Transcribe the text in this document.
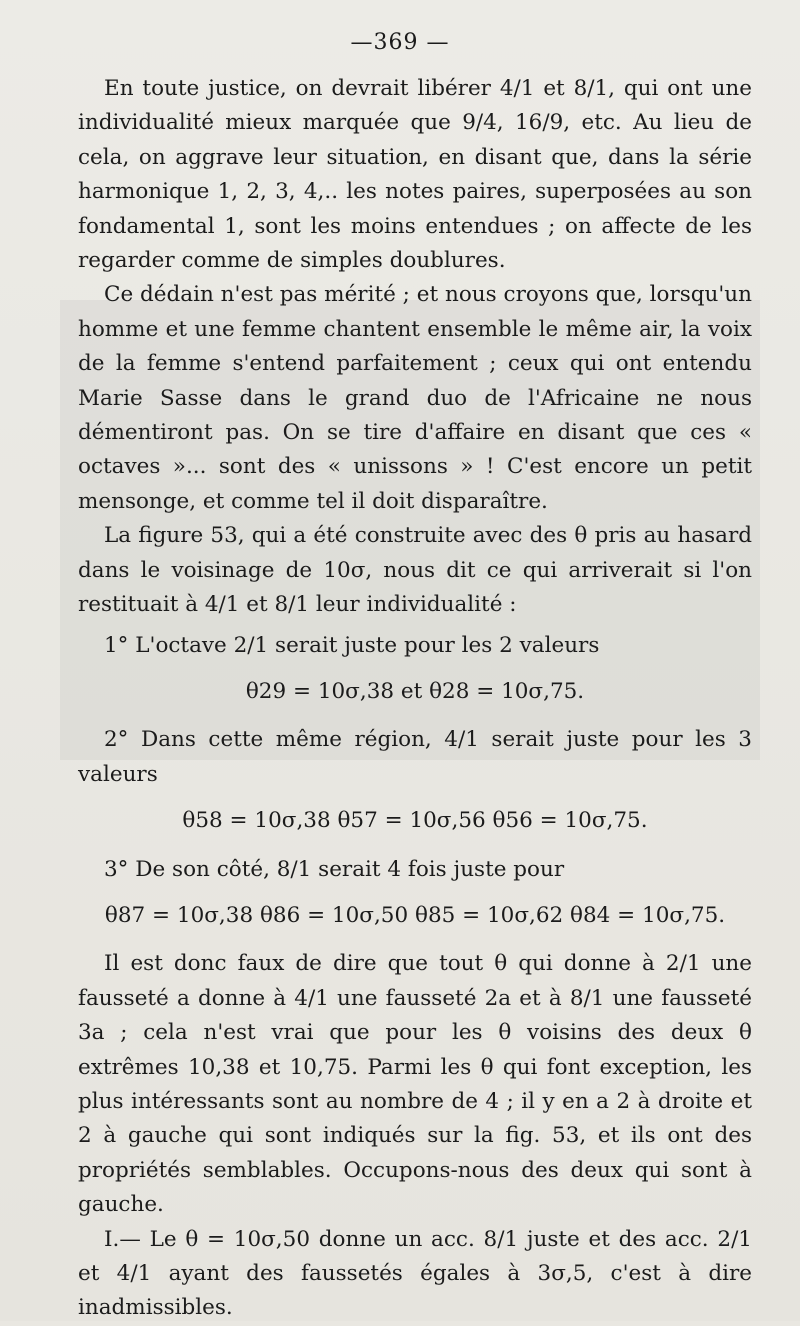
—369 —

En toute justice, on devrait libérer 4/1 et 8/1, qui ont une individualité mieux marquée que 9/4, 16/9, etc. Au lieu de cela, on aggrave leur situation, en disant que, dans la série harmonique 1, 2, 3, 4,.. les notes paires, superposées au son fondamental 1, sont les moins entendues ; on affecte de les regarder comme de simples doublures.

Ce dédain n'est pas mérité ; et nous croyons que, lorsqu'un homme et une femme chantent ensemble le même air, la voix de la femme s'entend parfaitement ; ceux qui ont entendu Marie Sasse dans le grand duo de l'Africaine ne nous démentiront pas. On se tire d'affaire en disant que ces « octaves »... sont des « unissons » ! C'est encore un petit mensonge, et comme tel il doit disparaître.

La figure 53, qui a été construite avec des θ pris au hasard dans le voisinage de 10σ, nous dit ce qui arriverait si l'on restituait à 4/1 et 8/1 leur individualité :

1° L'octave 2/1 serait juste pour les 2 valeurs

θ29 = 10σ,38 et θ28 = 10σ,75.

2° Dans cette même région, 4/1 serait juste pour les 3 valeurs

θ58 = 10σ,38 θ57 = 10σ,56 θ56 = 10σ,75.

3° De son côté, 8/1 serait 4 fois juste pour

θ87 = 10σ,38 θ86 = 10σ,50 θ85 = 10σ,62 θ84 = 10σ,75.

Il est donc faux de dire que tout θ qui donne à 2/1 une fausseté a donne à 4/1 une fausseté 2a et à 8/1 une fausseté 3a ; cela n'est vrai que pour les θ voisins des deux θ extrêmes 10,38 et 10,75. Parmi les θ qui font exception, les plus intéressants sont au nombre de 4 ; il y en a 2 à droite et 2 à gauche qui sont indiqués sur la fig. 53, et ils ont des propriétés semblables. Occupons-nous des deux qui sont à gauche.

I.— Le θ = 10σ,50 donne un acc. 8/1 juste et des acc. 2/1 et 4/1 ayant des faussetés égales à 3σ,5, c'est à dire inadmissibles.
